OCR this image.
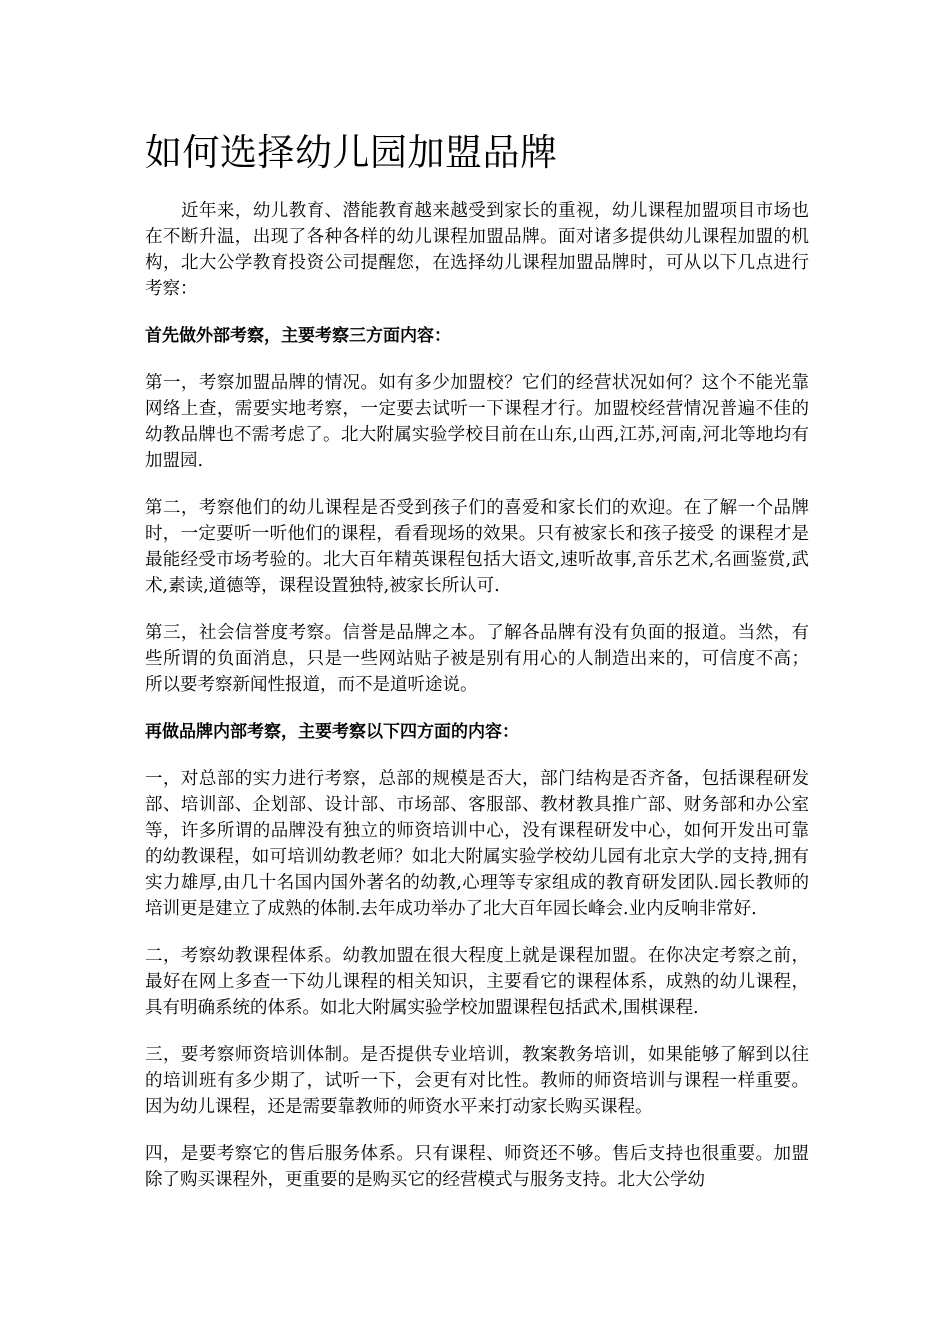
如何选择幼儿园加盟品牌

近年来，幼儿教育、潜能教育越来越受到家长的重视，幼儿课程加盟项目市场也在不断升温，出现了各种各样的幼儿课程加盟品牌。面对诸多提供幼儿课程加盟的机构，北大公学教育投资公司提醒您，在选择幼儿课程加盟品牌时，可从以下几点进行考察：

首先做外部考察，主要考察三方面内容：

第一，考察加盟品牌的情况。如有多少加盟校？它们的经营状况如何？这个不能光靠网络上查，需要实地考察，一定要去试听一下课程才行。加盟校经营情况普遍不佳的幼教品牌也不需考虑了。北大附属实验学校目前在山东,山西,江苏,河南,河北等地均有加盟园.

第二，考察他们的幼儿课程是否受到孩子们的喜爱和家长们的欢迎。在了解一个品牌时，一定要听一听他们的课程，看看现场的效果。只有被家长和孩子接受 的课程才是最能经受市场考验的。北大百年精英课程包括大语文,速听故事,音乐艺术,名画鉴赏,武术,素读,道德等，课程设置独特,被家长所认可.

第三，社会信誉度考察。信誉是品牌之本。了解各品牌有没有负面的报道。当然，有些所谓的负面消息，只是一些网站贴子被是别有用心的人制造出来的，可信度不高；所以要考察新闻性报道，而不是道听途说。

再做品牌内部考察，主要考察以下四方面的内容：

一，对总部的实力进行考察，总部的规模是否大，部门结构是否齐备，包括课程研发部、培训部、企划部、设计部、市场部、客服部、教材教具推广部、财务部和办公室等，许多所谓的品牌没有独立的师资培训中心，没有课程研发中心，如何开发出可靠的幼教课程，如可培训幼教老师？如北大附属实验学校幼儿园有北京大学的支持,拥有实力雄厚,由几十名国内国外著名的幼教,心理等专家组成的教育研发团队.园长教师的培训更是建立了成熟的体制.去年成功举办了北大百年园长峰会.业内反响非常好.

二，考察幼教课程体系。幼教加盟在很大程度上就是课程加盟。在你决定考察之前，最好在网上多查一下幼儿课程的相关知识，主要看它的课程体系，成熟的幼儿课程，具有明确系统的体系。如北大附属实验学校加盟课程包括武术,围棋课程.

三，要考察师资培训体制。是否提供专业培训，教案教务培训，如果能够了解到以往的培训班有多少期了，试听一下，会更有对比性。教师的师资培训与课程一样重要。因为幼儿课程，还是需要靠教师的师资水平来打动家长购买课程。

四，是要考察它的售后服务体系。只有课程、师资还不够。售后支持也很重要。加盟除了购买课程外，更重要的是购买它的经营模式与服务支持。北大公学幼
